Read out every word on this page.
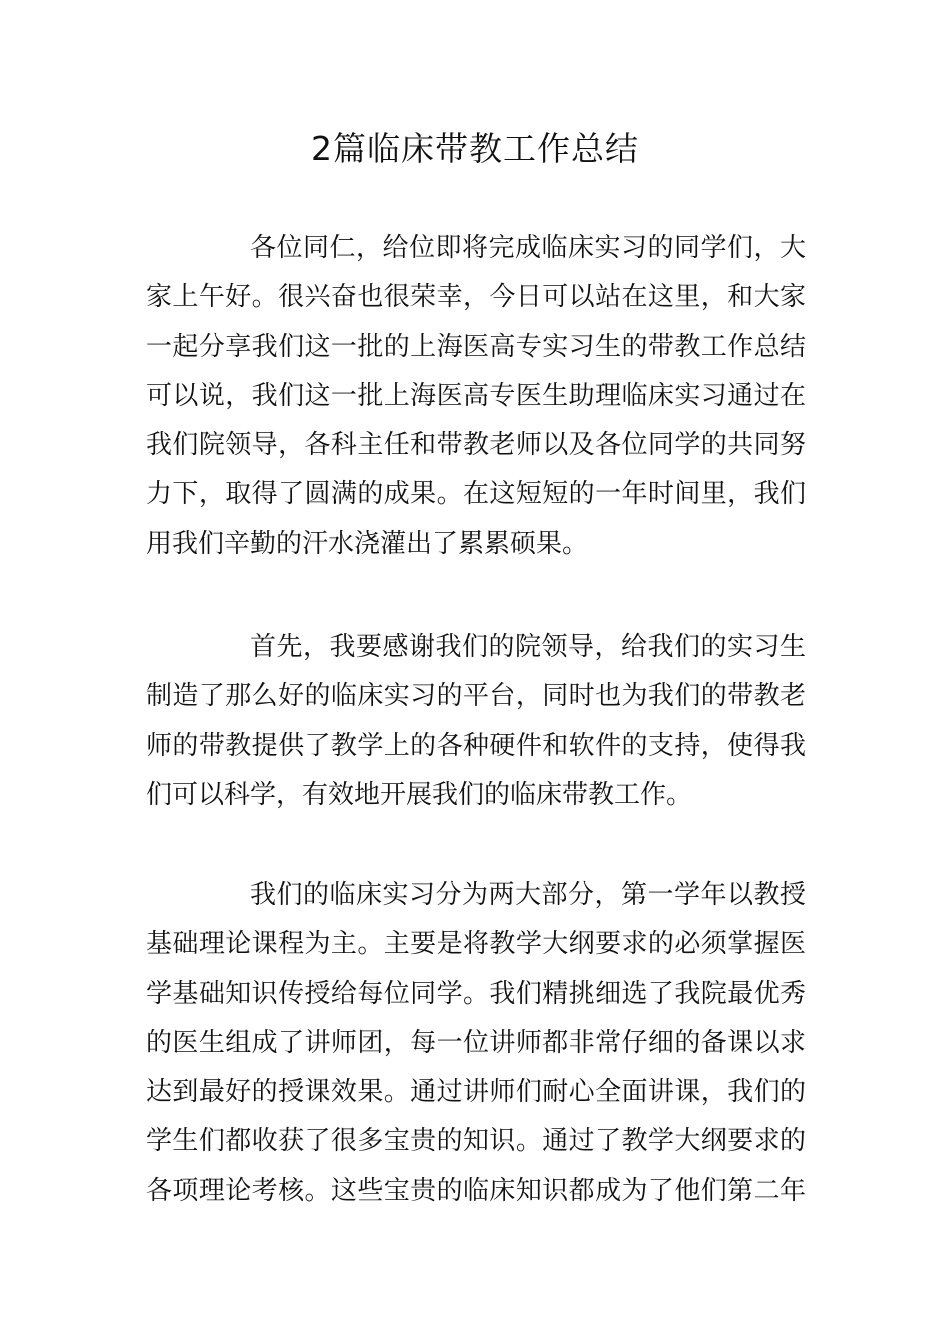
2篇临床带教工作总结
各位同仁，给位即将完成临床实习的同学们，大
家上午好。很兴奋也很荣幸，今日可以站在这里，和大家
一起分享我们这一批的上海医高专实习生的带教工作总结
可以说，我们这一批上海医高专医生助理临床实习通过在
我们院领导，各科主任和带教老师以及各位同学的共同努
力下，取得了圆满的成果。在这短短的一年时间里，我们
用我们辛勤的汗水浇灌出了累累硕果。
首先，我要感谢我们的院领导，给我们的实习生
制造了那么好的临床实习的平台，同时也为我们的带教老
师的带教提供了教学上的各种硬件和软件的支持，使得我
们可以科学，有效地开展我们的临床带教工作。
我们的临床实习分为两大部分，第一学年以教授
基础理论课程为主。主要是将教学大纲要求的必须掌握医
学基础知识传授给每位同学。我们精挑细选了我院最优秀
的医生组成了讲师团，每一位讲师都非常仔细的备课以求
达到最好的授课效果。通过讲师们耐心全面讲课，我们的
学生们都收获了很多宝贵的知识。通过了教学大纲要求的
各项理论考核。这些宝贵的临床知识都成为了他们第二年
